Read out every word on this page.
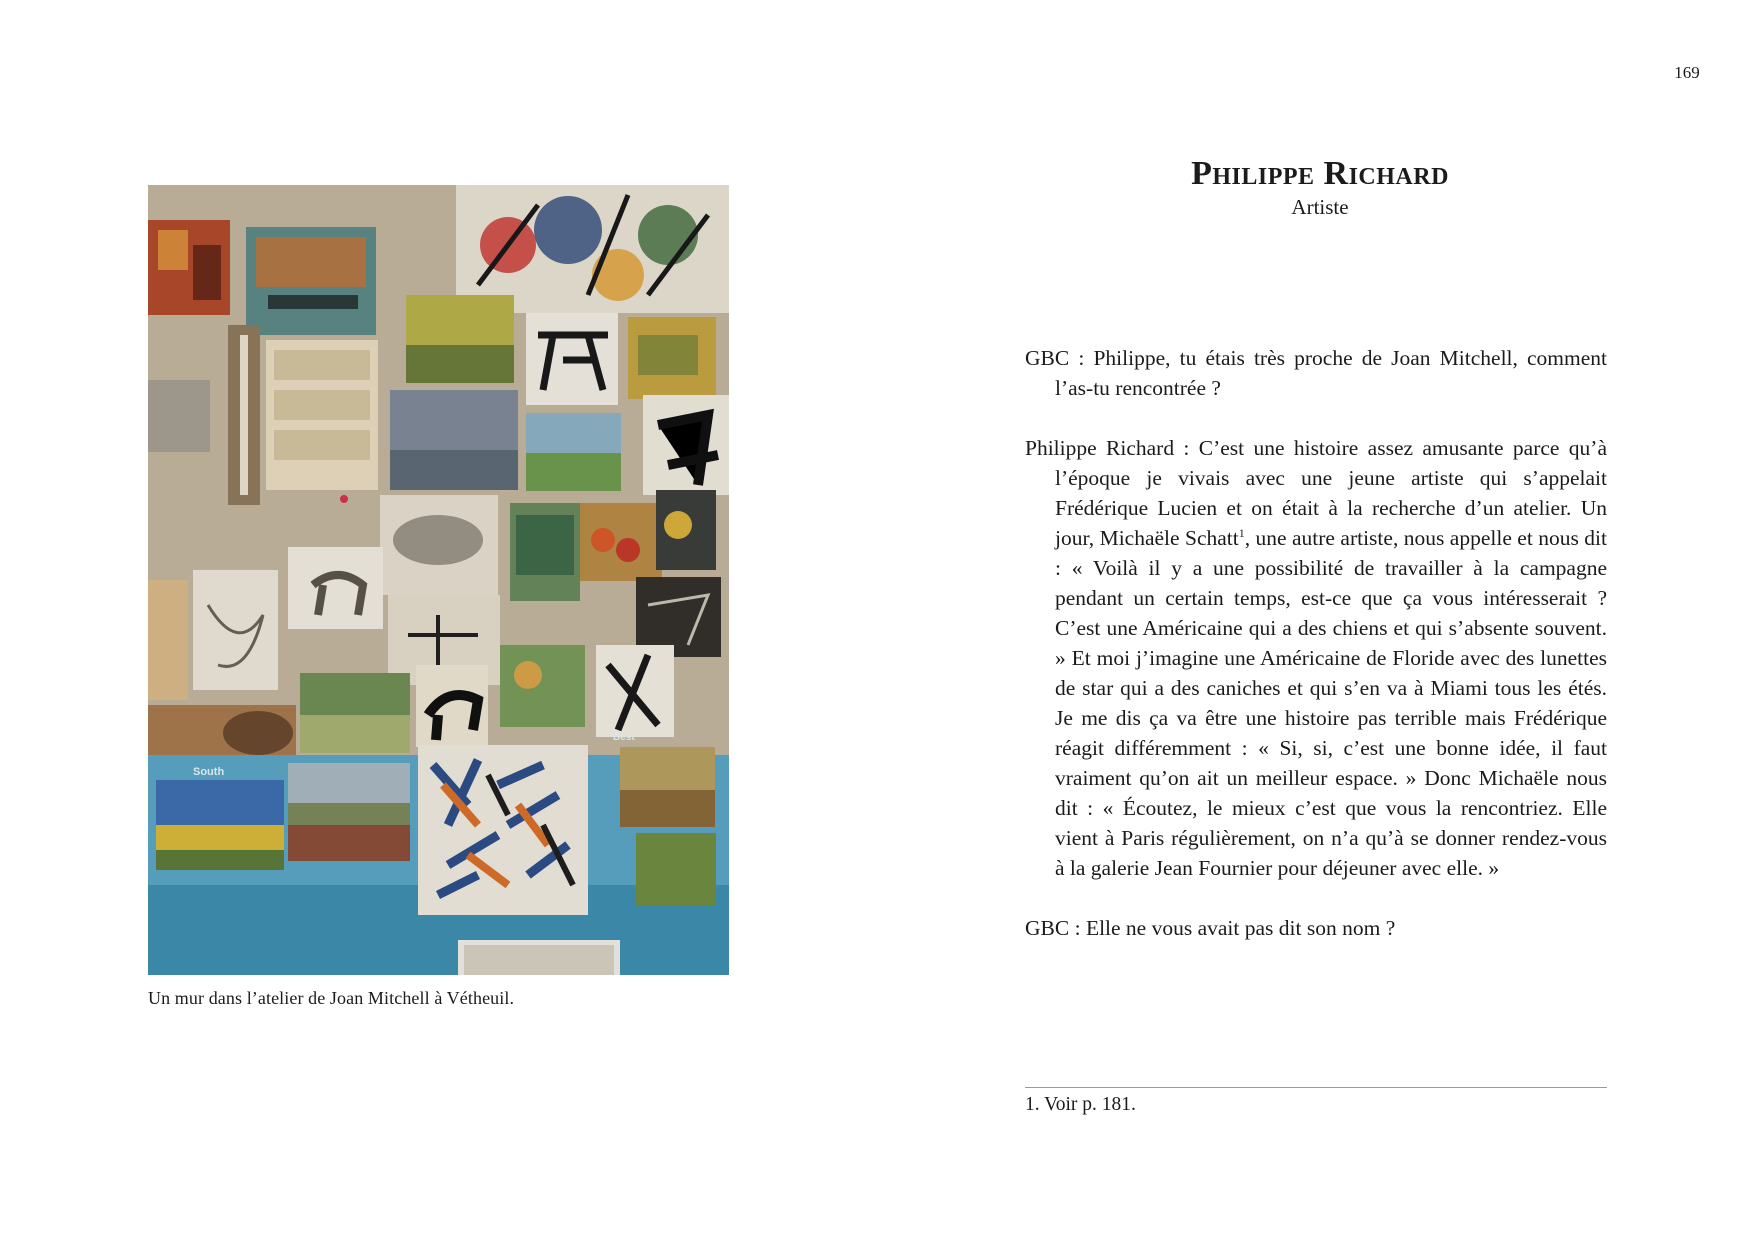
169
South
Best
Un mur dans l’atelier de Joan Mitchell à Vétheuil.
Philippe Richard
Artiste

GBC : Philippe, tu étais très proche de Joan Mitchell, comment l’as-tu rencontrée ?

Philippe Richard : C’est une histoire assez amusante parce qu’à l’époque je vivais avec une jeune artiste qui s’appelait Frédérique Lucien et on était à la recherche d’un atelier. Un jour, Michaële Schatt$^1$, une autre artiste, nous appelle et nous dit : « Voilà il y a une possibilité de travailler à la campagne pendant un certain temps, est-ce que ça vous intéresserait ? C’est une Américaine qui a des chiens et qui s’absente souvent. » Et moi j’imagine une Américaine de Floride avec des lunettes de star qui a des caniches et qui s’en va à Miami tous les étés. Je me dis ça va être une histoire pas terrible mais Frédérique réagit différemment : « Si, si, c’est une bonne idée, il faut vraiment qu’on ait un meilleur espace. » Donc Michaële nous dit : « Écoutez, le mieux c’est que vous la rencontriez. Elle vient à Paris régulièrement, on n’a qu’à se donner rendez-vous à la galerie Jean Fournier pour déjeuner avec elle. »

GBC : Elle ne vous avait pas dit son nom ?

1. Voir p. 181.
